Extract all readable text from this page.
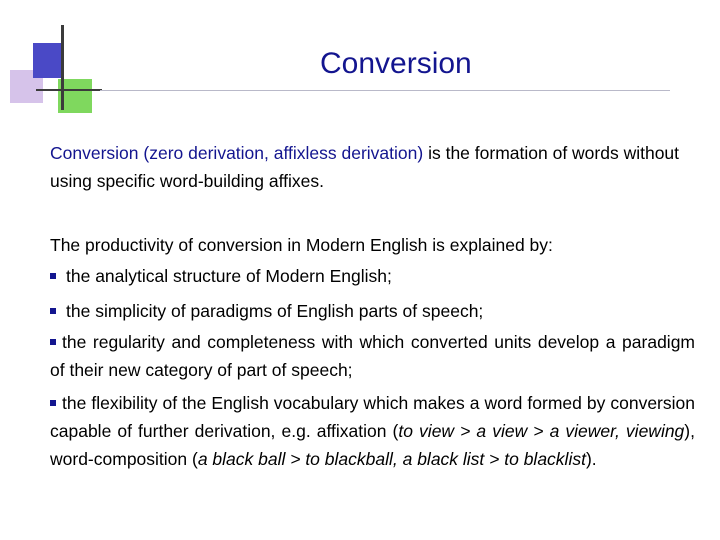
Conversion
Conversion (zero derivation, affixless derivation) is the formation of words without using specific word-building affixes.
The productivity of conversion in Modern English is explained by:
the analytical structure of Modern English;
the simplicity of paradigms of English parts of speech;
the regularity and completeness with which converted units develop a paradigm of their new category of part of speech;
the flexibility of the English vocabulary which makes a word formed by conversion capable of further derivation, e.g. affixation (to view > a view > a viewer, viewing), word-composition (a black ball > to blackball, a black list > to blacklist).
